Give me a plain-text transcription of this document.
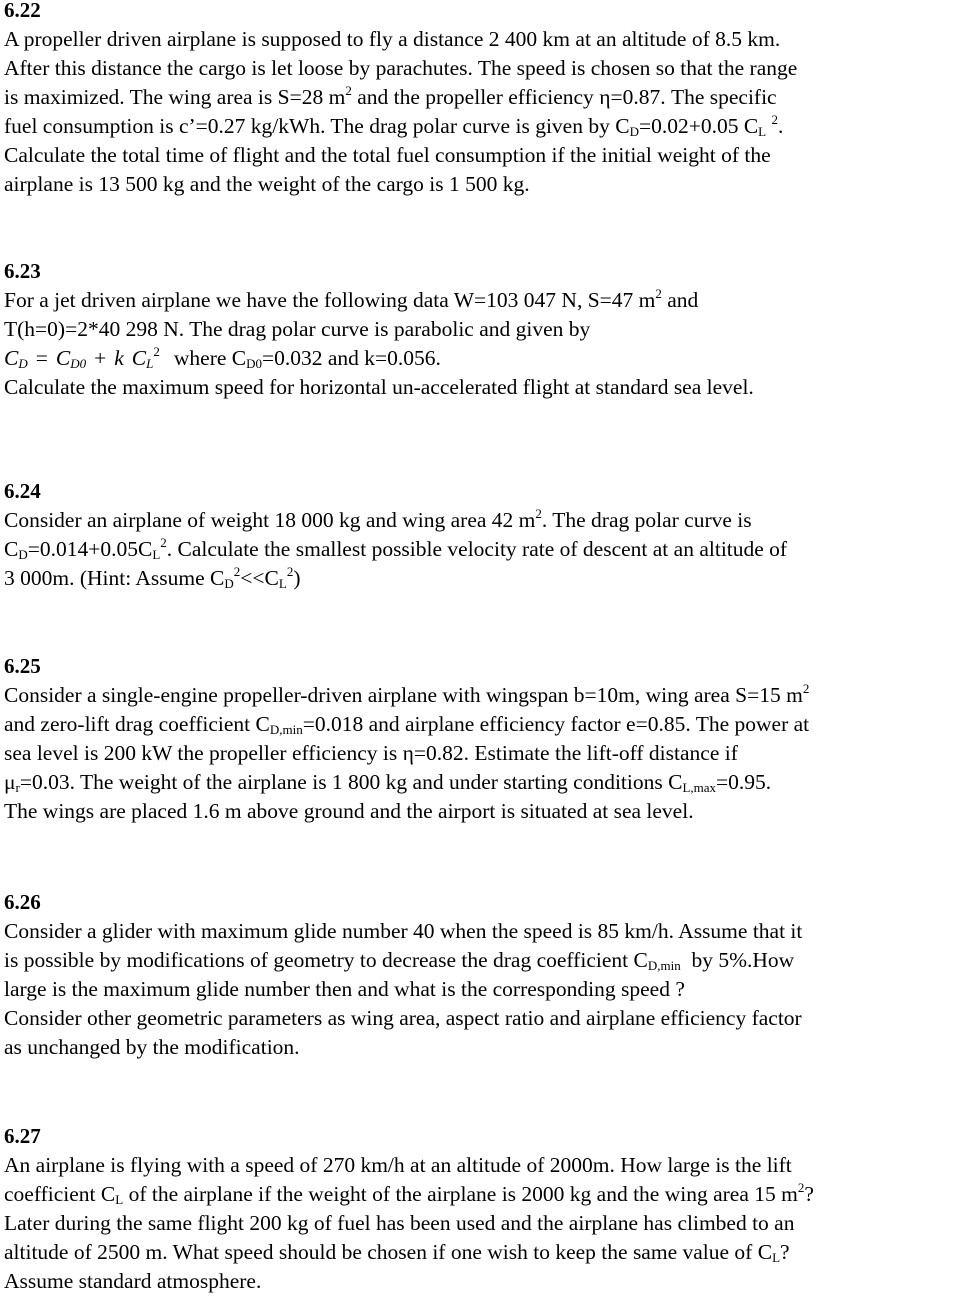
6.22
A propeller driven airplane is supposed to fly a distance 2 400 km at an altitude of 8.5 km.
After this distance the cargo is let loose by parachutes. The speed is chosen so that the range
is maximized. The wing area is S=28 $m^2$ and the propeller efficiency η=0.87. The specific
fuel consumption is c’=0.27 kg/kWh. The drag polar curve is given by $C_D=0.02+0.05$ $C_L$ $^2$.
Calculate the total time of flight and the total fuel consumption if the initial weight of the
airplane is 13 500 kg and the weight of the cargo is 1 500 kg.
6.23
For a jet driven airplane we have the following data W=103 047 N, S=47 $m^2$ and
T(h=0)=2*40 298 N. The drag polar curve is parabolic and given by
$C_D = C_{D0} + k$ $C_L^2$ where $C_{D0}=0.032$ and k=0.056.
Calculate the maximum speed for horizontal un-accelerated flight at standard sea level.
6.24
Consider an airplane of weight 18 000 kg and wing area 42 $m^2$. The drag polar curve is
$C_D=0.014+0.05C_L^2$. Calculate the smallest possible velocity rate of descent at an altitude of
3 000m. (Hint: Assume $C_D^2<<C_L^2$)
6.25
Consider a single-engine propeller-driven airplane with wingspan b=10m, wing area S=15 $m^2$
and zero-lift drag coefficient $C_{D,min}=0.018$ and airplane efficiency factor e=0.85. The power at
sea level is 200 kW the propeller efficiency is η=0.82. Estimate the lift-off distance if
$\mu_r=0.03$. The weight of the airplane is 1 800 kg and under starting conditions $C_{L,max}=0.95$.
The wings are placed 1.6 m above ground and the airport is situated at sea level.
6.26
Consider a glider with maximum glide number 40 when the speed is 85 km/h. Assume that it
is possible by modifications of geometry to decrease the drag coefficient $C_{D,min}$  by 5%.How
large is the maximum glide number then and what is the corresponding speed ?
Consider other geometric parameters as wing area, aspect ratio and airplane efficiency factor
as unchanged by the modification.
6.27
An airplane is flying with a speed of 270 km/h at an altitude of 2000m. How large is the lift
coefficient $C_L$ of the airplane if the weight of the airplane is 2000 kg and the wing area 15 $m^2$?
Later during the same flight 200 kg of fuel has been used and the airplane has climbed to an
altitude of 2500 m. What speed should be chosen if one wish to keep the same value of $C_L$?
Assume standard atmosphere.
